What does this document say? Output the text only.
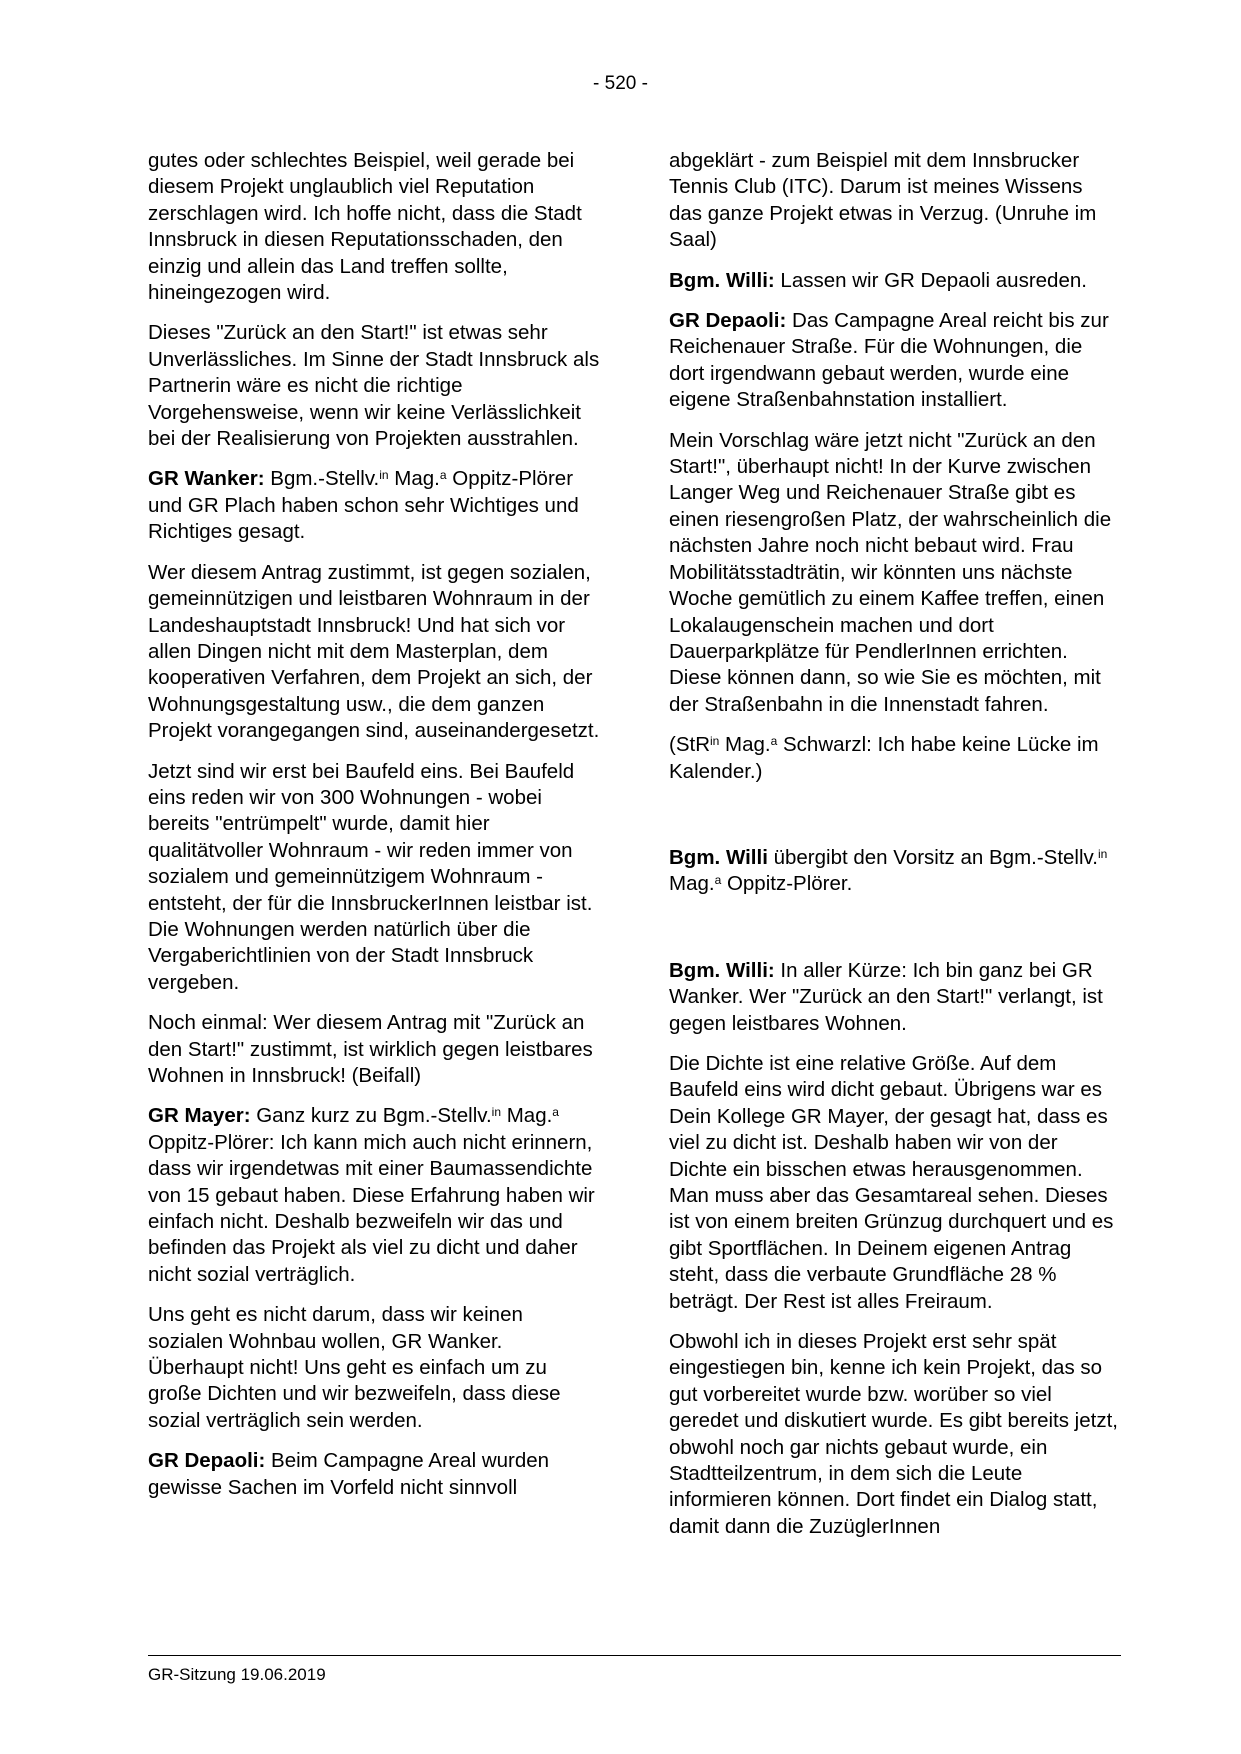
- 520 -

gutes oder schlechtes Beispiel, weil gerade bei diesem Projekt unglaublich viel Reputation zerschlagen wird. Ich hoffe nicht, dass die Stadt Innsbruck in diesen Reputationsschaden, den einzig und allein das Land treffen sollte, hineingezogen wird.

Dieses "Zurück an den Start!" ist etwas sehr Unverlässliches. Im Sinne der Stadt Innsbruck als Partnerin wäre es nicht die richtige Vorgehensweise, wenn wir keine Verlässlichkeit bei der Realisierung von Projekten ausstrahlen.

GR Wanker: Bgm.-Stellv.$^{in}$ Mag.$^a$ Oppitz-Plörer und GR Plach haben schon sehr Wichtiges und Richtiges gesagt.

Wer diesem Antrag zustimmt, ist gegen sozialen, gemeinnützigen und leistbaren Wohnraum in der Landeshauptstadt Innsbruck! Und hat sich vor allen Dingen nicht mit dem Masterplan, dem kooperativen Verfahren, dem Projekt an sich, der Wohnungsgestaltung usw., die dem ganzen Projekt vorangegangen sind, auseinandergesetzt.

Jetzt sind wir erst bei Baufeld eins. Bei Baufeld eins reden wir von 300 Wohnungen - wobei bereits "entrümpelt" wurde, damit hier qualitätvoller Wohnraum - wir reden immer von sozialem und gemeinnützigem Wohnraum - entsteht, der für die InnsbruckerInnen leistbar ist. Die Wohnungen werden natürlich über die Vergaberichtlinien von der Stadt Innsbruck vergeben.

Noch einmal: Wer diesem Antrag mit "Zurück an den Start!" zustimmt, ist wirklich gegen leistbares Wohnen in Innsbruck! (Beifall)

GR Mayer: Ganz kurz zu Bgm.-Stellv.$^{in}$ Mag.$^a$ Oppitz-Plörer: Ich kann mich auch nicht erinnern, dass wir irgendetwas mit einer Baumassendichte von 15 gebaut haben. Diese Erfahrung haben wir einfach nicht. Deshalb bezweifeln wir das und befinden das Projekt als viel zu dicht und daher nicht sozial verträglich.

Uns geht es nicht darum, dass wir keinen sozialen Wohnbau wollen, GR Wanker. Überhaupt nicht! Uns geht es einfach um zu große Dichten und wir bezweifeln, dass diese sozial verträglich sein werden.

GR Depaoli: Beim Campagne Areal wurden gewisse Sachen im Vorfeld nicht sinnvoll

abgeklärt - zum Beispiel mit dem Innsbrucker Tennis Club (ITC). Darum ist meines Wissens das ganze Projekt etwas in Verzug. (Unruhe im Saal)

Bgm. Willi: Lassen wir GR Depaoli ausreden.

GR Depaoli: Das Campagne Areal reicht bis zur Reichenauer Straße. Für die Wohnungen, die dort irgendwann gebaut werden, wurde eine eigene Straßenbahnstation installiert.

Mein Vorschlag wäre jetzt nicht "Zurück an den Start!", überhaupt nicht! In der Kurve zwischen Langer Weg und Reichenauer Straße gibt es einen riesengroßen Platz, der wahrscheinlich die nächsten Jahre noch nicht bebaut wird. Frau Mobilitätsstadträtin, wir könnten uns nächste Woche gemütlich zu einem Kaffee treffen, einen Lokalaugenschein machen und dort Dauerparkplätze für PendlerInnen errichten. Diese können dann, so wie Sie es möchten, mit der Straßenbahn in die Innenstadt fahren.

(StR$^{in}$ Mag.$^a$ Schwarzl: Ich habe keine Lücke im Kalender.)

Bgm. Willi übergibt den Vorsitz an Bgm.-Stellv.$^{in}$ Mag.$^a$ Oppitz-Plörer.

Bgm. Willi: In aller Kürze: Ich bin ganz bei GR Wanker. Wer "Zurück an den Start!" verlangt, ist gegen leistbares Wohnen.

Die Dichte ist eine relative Größe. Auf dem Baufeld eins wird dicht gebaut. Übrigens war es Dein Kollege GR Mayer, der gesagt hat, dass es viel zu dicht ist. Deshalb haben wir von der Dichte ein bisschen etwas herausgenommen. Man muss aber das Gesamtareal sehen. Dieses ist von einem breiten Grünzug durchquert und es gibt Sportflächen. In Deinem eigenen Antrag steht, dass die verbaute Grundfläche 28 % beträgt. Der Rest ist alles Freiraum.

Obwohl ich in dieses Projekt erst sehr spät eingestiegen bin, kenne ich kein Projekt, das so gut vorbereitet wurde bzw. worüber so viel geredet und diskutiert wurde. Es gibt bereits jetzt, obwohl noch gar nichts gebaut wurde, ein Stadtteilzentrum, in dem sich die Leute informieren können. Dort findet ein Dialog statt, damit dann die ZuzüglerInnen

GR-Sitzung 19.06.2019
